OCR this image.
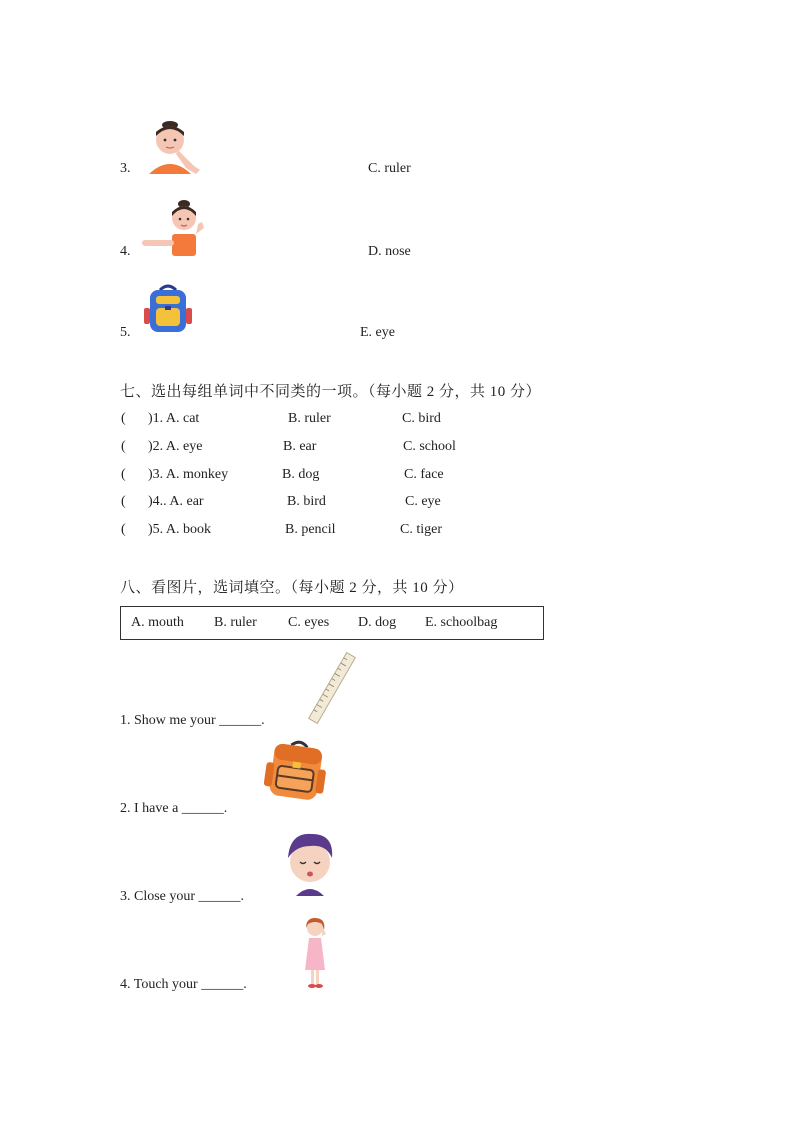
3.	C. ruler
4.	D. nose
5.	E. eye
七、选出每组单词中不同类的一项。（每小题 2 分，共 10 分）
( )1. A. cat	B. ruler	C. bird
( )2. A. eye	B. ear	C. school
( )3. A. monkey	B. dog	C. face
( )4.. A. ear	B. bird	C. eye
( )5. A. book	B. pencil	C. tiger
八、看图片，选词填空。（每小题 2 分，共 10 分）
A. mouth B. ruler C. eyes D. dog E. schoolbag
1. Show me your ______.
2. I have a ______.
3. Close your ______.
4. Touch your ______.
